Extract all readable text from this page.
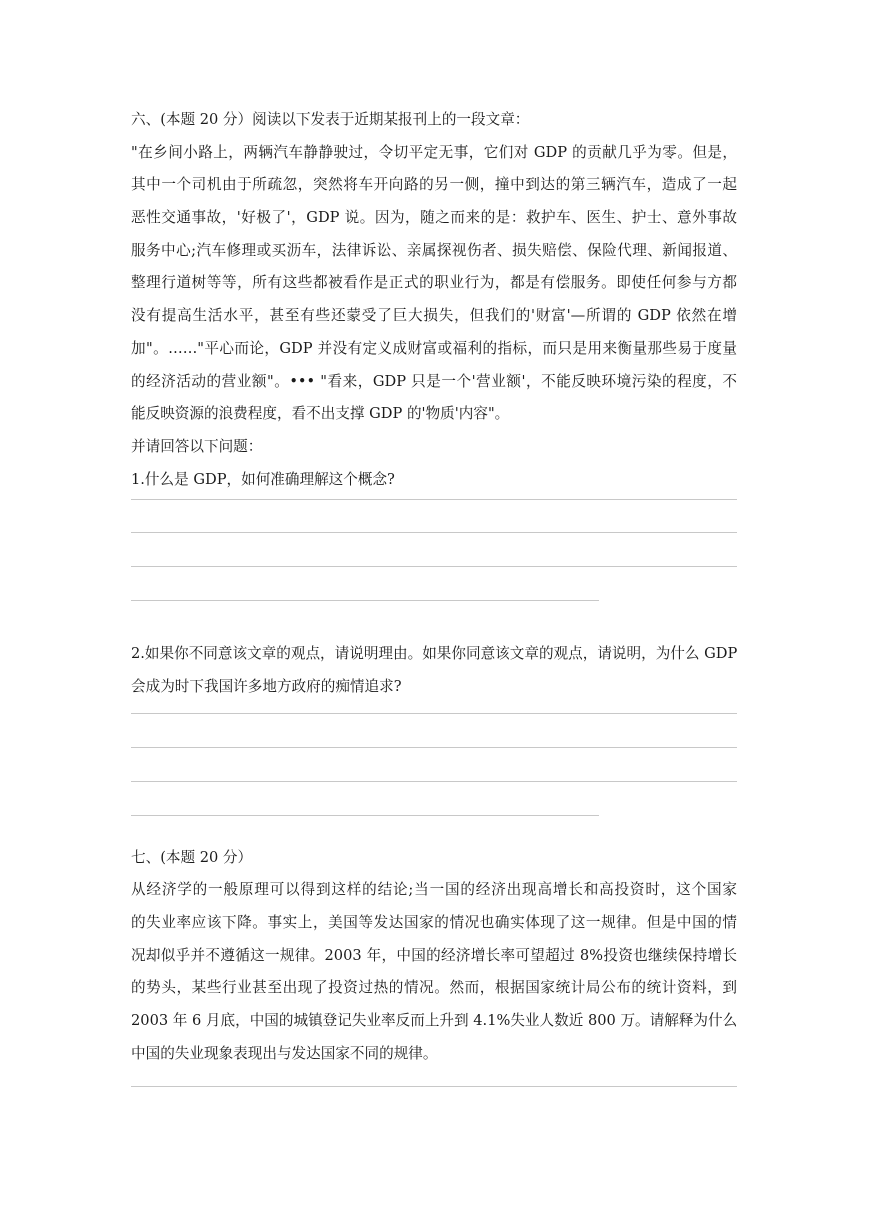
六、(本题 20 分）阅读以下发表于近期某报刊上的一段文章：
"在乡间小路上，两辆汽车静静驶过，令切平定无事，它们对 GDP 的贡献几乎为零。但是，
其中一个司机由于所疏忽，突然将车开向路的另一侧，撞中到达的第三辆汽车，造成了一起
恶性交通事故，'好极了'，GDP 说。因为，随之而来的是：救护车、医生、护士、意外事故
服务中心;汽车修理或买沥车，法律诉讼、亲属探视伤者、损失赔偿、保险代理、新闻报道、
整理行道树等等，所有这些都被看作是正式的职业行为，都是有偿服务。即使任何参与方都
没有提高生活水平，甚至有些还蒙受了巨大损失，但我们的'财富'—所谓的 GDP 依然在增
加"。……"平心而论，GDP 并没有定义成财富或福利的指标，而只是用来衡量那些易于度量
的经济活动的营业额"。••• "看来，GDP 只是一个'营业额'，不能反映环境污染的程度，不
能反映资源的浪费程度，看不出支撑 GDP 的'物质'内容"。
并请回答以下问题：
1.什么是 GDP，如何准确理解这个概念?
2.如果你不同意该文章的观点，请说明理由。如果你同意该文章的观点，请说明，为什么 GDP
会成为时下我国许多地方政府的痴情追求?
七、(本题 20 分）
从经济学的一般原理可以得到这样的结论;当一国的经济出现高增长和高投资时，这个国家
的失业率应该下降。事实上，美国等发达国家的情况也确实体现了这一规律。但是中国的情
况却似乎并不遵循这一规律。2003 年，中国的经济增长率可望超过 8%投资也继续保持增长
的势头，某些行业甚至出现了投资过热的情况。然而，根据国家统计局公布的统计资料，到
2003 年 6 月底，中国的城镇登记失业率反而上升到 4.1%失业人数近 800 万。请解释为什么
中国的失业现象表现出与发达国家不同的规律。
